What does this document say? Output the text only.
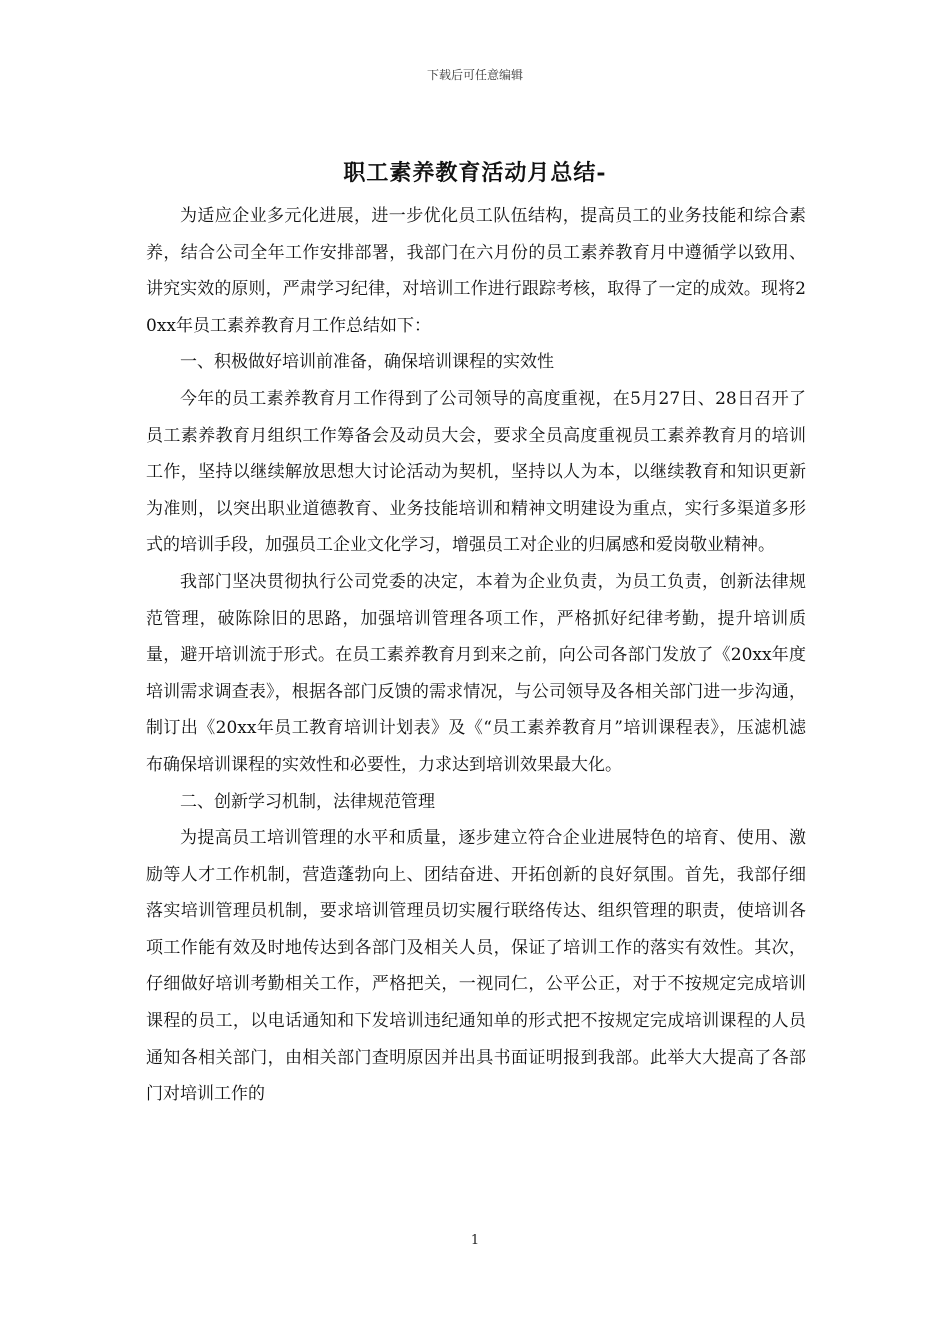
下载后可任意编辑
职工素养教育活动月总结-

为适应企业多元化进展，进一步优化员工队伍结构，提高员工的业务技能和综合素养，结合公司全年工作安排部署，我部门在六月份的员工素养教育月中遵循学以致用、讲究实效的原则，严肃学习纪律，对培训工作进行跟踪考核，取得了一定的成效。现将20xx年员工素养教育月工作总结如下：

一、积极做好培训前准备，确保培训课程的实效性

今年的员工素养教育月工作得到了公司领导的高度重视，在5月27日、28日召开了员工素养教育月组织工作筹备会及动员大会，要求全员高度重视员工素养教育月的培训工作，坚持以继续解放思想大讨论活动为契机，坚持以人为本，以继续教育和知识更新为准则，以突出职业道德教育、业务技能培训和精神文明建设为重点，实行多渠道多形式的培训手段，加强员工企业文化学习，增强员工对企业的归属感和爱岗敬业精神。

我部门坚决贯彻执行公司党委的决定，本着为企业负责，为员工负责，创新法律规范管理，破陈除旧的思路，加强培训管理各项工作，严格抓好纪律考勤，提升培训质量，避开培训流于形式。在员工素养教育月到来之前，向公司各部门发放了《20xx年度培训需求调查表》，根据各部门反馈的需求情况，与公司领导及各相关部门进一步沟通，制订出《20xx年员工教育培训计划表》及《“员工素养教育月”培训课程表》，压滤机滤布确保培训课程的实效性和必要性，力求达到培训效果最大化。

二、创新学习机制，法律规范管理

为提高员工培训管理的水平和质量，逐步建立符合企业进展特色的培育、使用、激励等人才工作机制，营造蓬勃向上、团结奋进、开拓创新的良好氛围。首先，我部仔细落实培训管理员机制，要求培训管理员切实履行联络传达、组织管理的职责，使培训各项工作能有效及时地传达到各部门及相关人员，保证了培训工作的落实有效性。其次，仔细做好培训考勤相关工作，严格把关，一视同仁，公平公正，对于不按规定完成培训课程的员工，以电话通知和下发培训违纪通知单的形式把不按规定完成培训课程的人员通知各相关部门，由相关部门查明原因并出具书面证明报到我部。此举大大提高了各部门对培训工作的

1
